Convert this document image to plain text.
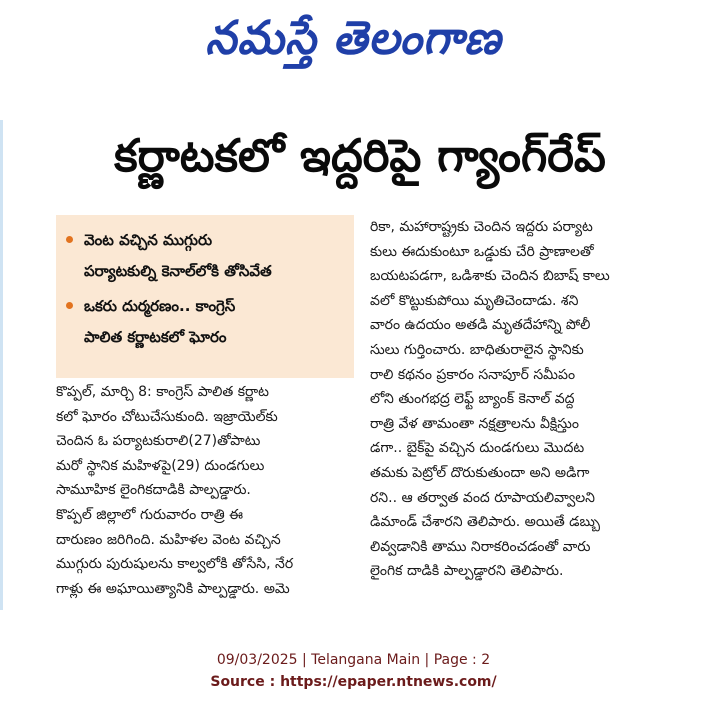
నమస్తే తెలంగాణ
కర్ణాటకలో ఇద్దరిపై గ్యాంగ్‌రేప్
వెంట వచ్చిన ముగ్గురు
పర్యాటకుల్ని కెనాల్‌లోకి తోసివేత
ఒకరు దుర్మరణం.. కాంగ్రెస్
పాలిత కర్ణాటకలో ఘోరం
కొప్పల్, మార్చి 8: కాంగ్రెస్ పాలిత కర్ణాట
కలో ఘోరం చోటుచేసుకుంది. ఇజ్రాయెల్‌కు
చెందిన ఓ పర్యాటకురాలి(27)తోపాటు
మరో స్థానిక మహిళపై(29) దుండగులు
సామూహిక లైంగికదాడికి పాల్పడ్డారు.
కొప్పల్ జిల్లాలో గురువారం రాత్రి ఈ
దారుణం జరిగింది. మహిళల వెంట వచ్చిన
ముగ్గురు పురుషులను కాల్వలోకి తోసేసి, నేర
గాళ్లు ఈ అఘాయిత్యానికి పాల్పడ్డారు. అమె
రికా, మహారాష్ట్రకు చెందిన ఇద్దరు పర్యాట
కులు ఈదుకుంటూ ఒడ్డుకు చేరి ప్రాణాలతో
బయటపడగా, ఒడిశాకు చెందిన బిబాష్ కాలు
వలో కొట్టుకుపోయి మృతిచెందాడు. శని
వారం ఉదయం అతడి మృతదేహాన్ని పోలీ
సులు గుర్తించారు. బాధితురాలైన స్థానికు
రాలి కథనం ప్రకారం సనాపూర్ సమీపం
లోని తుంగభద్ర లెఫ్ట్ బ్యాంక్ కెనాల్ వద్ద
రాత్రి వేళ తామంతా నక్షత్రాలను వీక్షిస్తుం
డగా.. బైక్‌పై వచ్చిన దుండగులు మొదట
తమకు పెట్రోల్ దొరుకుతుందా అని అడిగా
రని.. ఆ తర్వాత వంద రూపాయలివ్వాలని
డిమాండ్ చేశారని తెలిపారు. అయితే డబ్బు
లివ్వడానికి తాము నిరాకరించడంతో వారు
లైంగిక దాడికి పాల్పడ్డారని తెలిపారు.
09/03/2025 | Telangana Main | Page : 2
Source : https://epaper.ntnews.com/
